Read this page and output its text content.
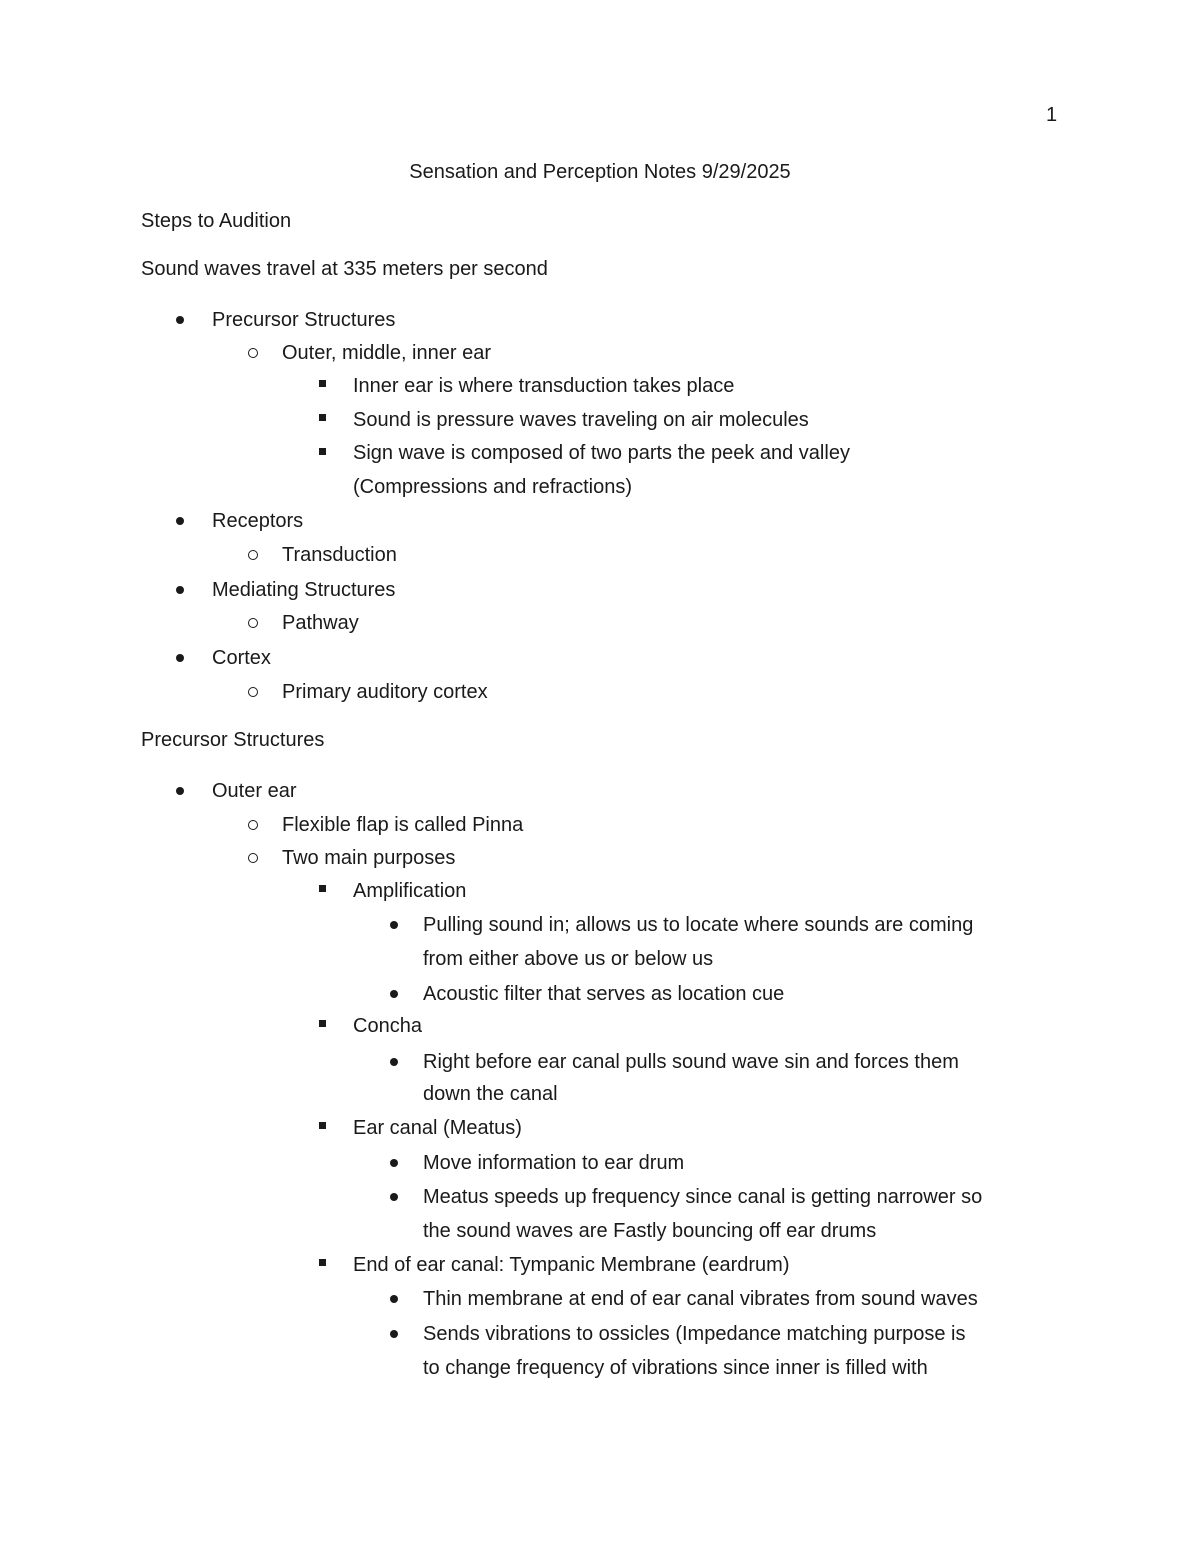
1
Sensation and Perception Notes 9/29/2025
Steps to Audition
Sound waves travel at 335 meters per second
Precursor Structures
Outer, middle, inner ear
Inner ear is where transduction takes place
Sound is pressure waves traveling on air molecules
Sign wave is composed of two parts the peek and valley
(Compressions and refractions)
Receptors
Transduction
Mediating Structures
Pathway
Cortex
Primary auditory cortex
Precursor Structures
Outer ear
Flexible flap is called Pinna
Two main purposes
Amplification
Pulling sound in; allows us to locate where sounds are coming
from either above us or below us
Acoustic filter that serves as location cue
Concha
Right before ear canal pulls sound wave sin and forces them
down the canal
Ear canal (Meatus)
Move information to ear drum
Meatus speeds up frequency since canal is getting narrower so
the sound waves are Fastly bouncing off ear drums
End of ear canal: Tympanic Membrane (eardrum)
Thin membrane at end of ear canal vibrates from sound waves
Sends vibrations to ossicles (Impedance matching purpose is
to change frequency of vibrations since inner is filled with
